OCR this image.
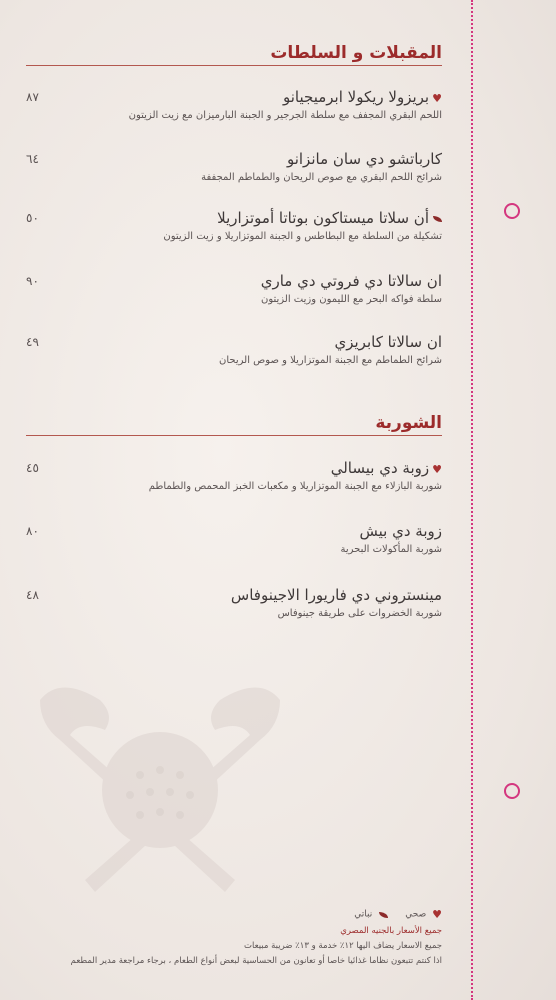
المقبلات و السلطات
♥بريزولا ريكولا ابرميجيانو
اللحم البقري المجفف مع سلطة الجرجير و الجبنة البارميزان مع زيت الزيتون
٨٧
كارباتشو دي سان مانزانو
شرائح اللحم البقري مع صوص الريحان والطماطم المجففة
٦٤
أن سلاتا ميستاكون بوتاتا أموتزاريلا
تشكيلة من السلطة مع البطاطس و الجبنة الموتزاريلا و زيت الزيتون
٥٠
ان سالاتا دي فروتي دي ماري
سلطة فواكه البحر مع الليمون وزيت الزيتون
٩٠
ان سالاتا كابريزي
شرائح الطماطم مع الجبنة الموتزاريلا و صوص الريحان
٤٩
الشوربة
♥زوبة دي بيسالي
شوربة البازلاء مع الجبنة الموتزاريلا و مكعبات الخبز المحمص والطماطم
٤٥
زوبة دي بيش
شوربة المأكولات البحرية
٨٠
مينستروني دي فاريورا الاجينوفاس
شوربة الخضروات على طريقة جينوفاس
٤٨
♥ صحي       نباتي
جميع الأسعار بالجنيه المصري
جميع الاسعار يضاف اليها ١٢٪ خدمة و ١٣٪ ضريبة مبيعات
اذا كنتم تتبعون نظاما غذائيا خاصا أو تعانون من الحساسية لبعض أنواع الطعام ، برجاء مراجعة مدير المطعم
